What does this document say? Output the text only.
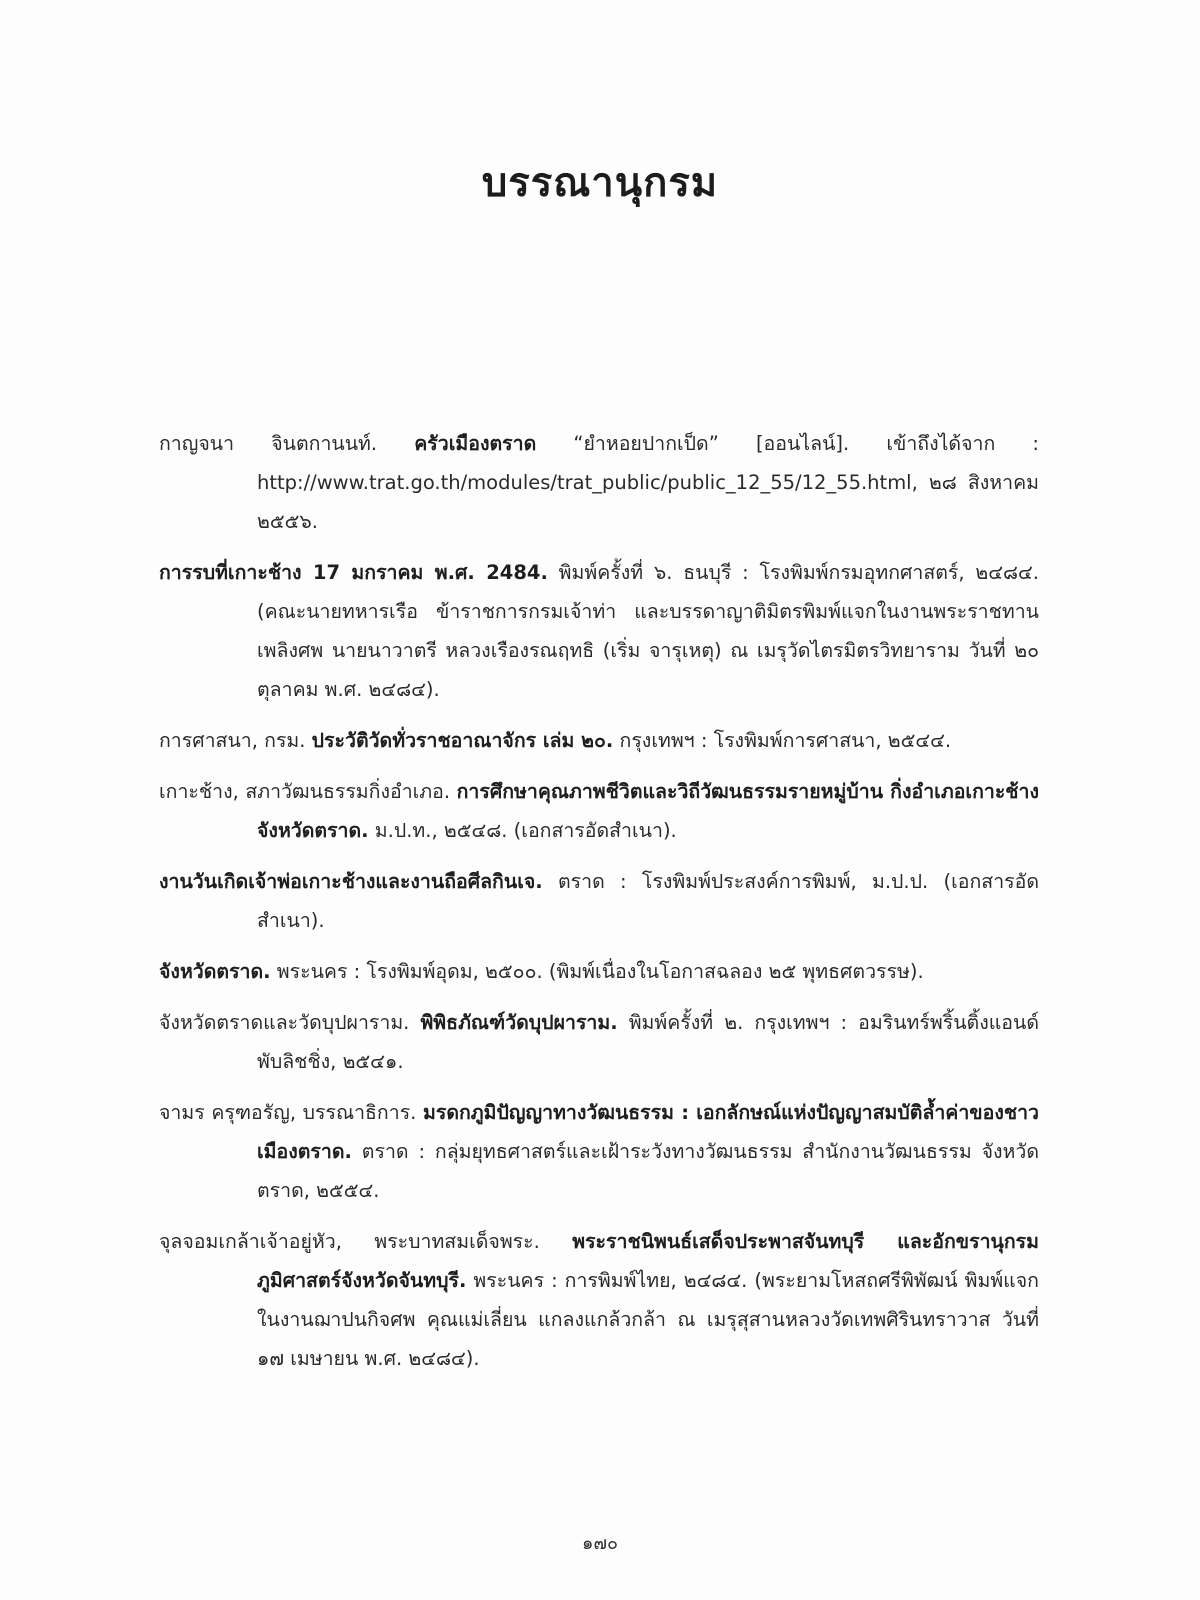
บรรณานุกรม
กาญจนา จินตกานนท์. ครัวเมืองตราด “ยำหอยปากเป็ด” [ออนไลน์]. เข้าถึงได้จาก : http://www.trat.go.th/modules/trat_public/public_12_55/12_55.html, ๒๘ สิงหาคม ๒๕๕๖.
การรบที่เกาะช้าง 17 มกราคม พ.ศ. 2484. พิมพ์ครั้งที่ ๖. ธนบุรี : โรงพิมพ์กรมอุทกศาสตร์, ๒๔๘๔. (คณะนายทหารเรือ ข้าราชการกรมเจ้าท่า และบรรดาญาติมิตรพิมพ์แจกในงานพระราชทานเพลิงศพ นายนาวาตรี หลวงเรืองรณฤทธิ (เริ่ม จารุเหตุ) ณ เมรุวัดไตรมิตรวิทยาราม วันที่ ๒๐ ตุลาคม พ.ศ. ๒๔๘๔).
การศาสนา, กรม. ประวัติวัดทั่วราชอาณาจักร เล่ม ๒๐. กรุงเทพฯ : โรงพิมพ์การศาสนา, ๒๕๔๔.
เกาะช้าง, สภาวัฒนธรรมกิ่งอำเภอ. การศึกษาคุณภาพชีวิตและวิถีวัฒนธรรมรายหมู่บ้าน กิ่งอำเภอเกาะช้าง จังหวัดตราด. ม.ป.ท., ๒๕๔๘. (เอกสารอัดสำเนา).
งานวันเกิดเจ้าพ่อเกาะช้างและงานถือศีลกินเจ. ตราด : โรงพิมพ์ประสงค์การพิมพ์, ม.ป.ป. (เอกสารอัดสำเนา).
จังหวัดตราด. พระนคร : โรงพิมพ์อุดม, ๒๕๐๐. (พิมพ์เนื่องในโอกาสฉลอง ๒๕ พุทธศตวรรษ).
จังหวัดตราดและวัดบุปผาราม. พิพิธภัณฑ์วัดบุปผาราม. พิมพ์ครั้งที่ ๒. กรุงเทพฯ : อมรินทร์พริ้นติ้งแอนด์พับลิชชิ่ง, ๒๕๔๑.
จามร ครุฑอรัญ, บรรณาธิการ. มรดกภูมิปัญญาทางวัฒนธรรม : เอกลักษณ์แห่งปัญญาสมบัติล้ำค่าของชาวเมืองตราด. ตราด : กลุ่มยุทธศาสตร์และเฝ้าระวังทางวัฒนธรรม สำนักงานวัฒนธรรม จังหวัดตราด, ๒๕๕๔.
จุลจอมเกล้าเจ้าอยู่หัว, พระบาทสมเด็จพระ. พระราชนิพนธ์เสด็จประพาสจันทบุรี และอักขรานุกรมภูมิศาสตร์จังหวัดจันทบุรี. พระนคร : การพิมพ์ไทย, ๒๔๘๔. (พระยามโหสถศรีพิพัฒน์ พิมพ์แจกในงานฌาปนกิจศพ คุณแม่เลี่ยน แกลงแกล้วกล้า ณ เมรุสุสานหลวงวัดเทพศิรินทราวาส วันที่ ๑๗ เมษายน พ.ศ. ๒๔๘๔).
๑๗๐
